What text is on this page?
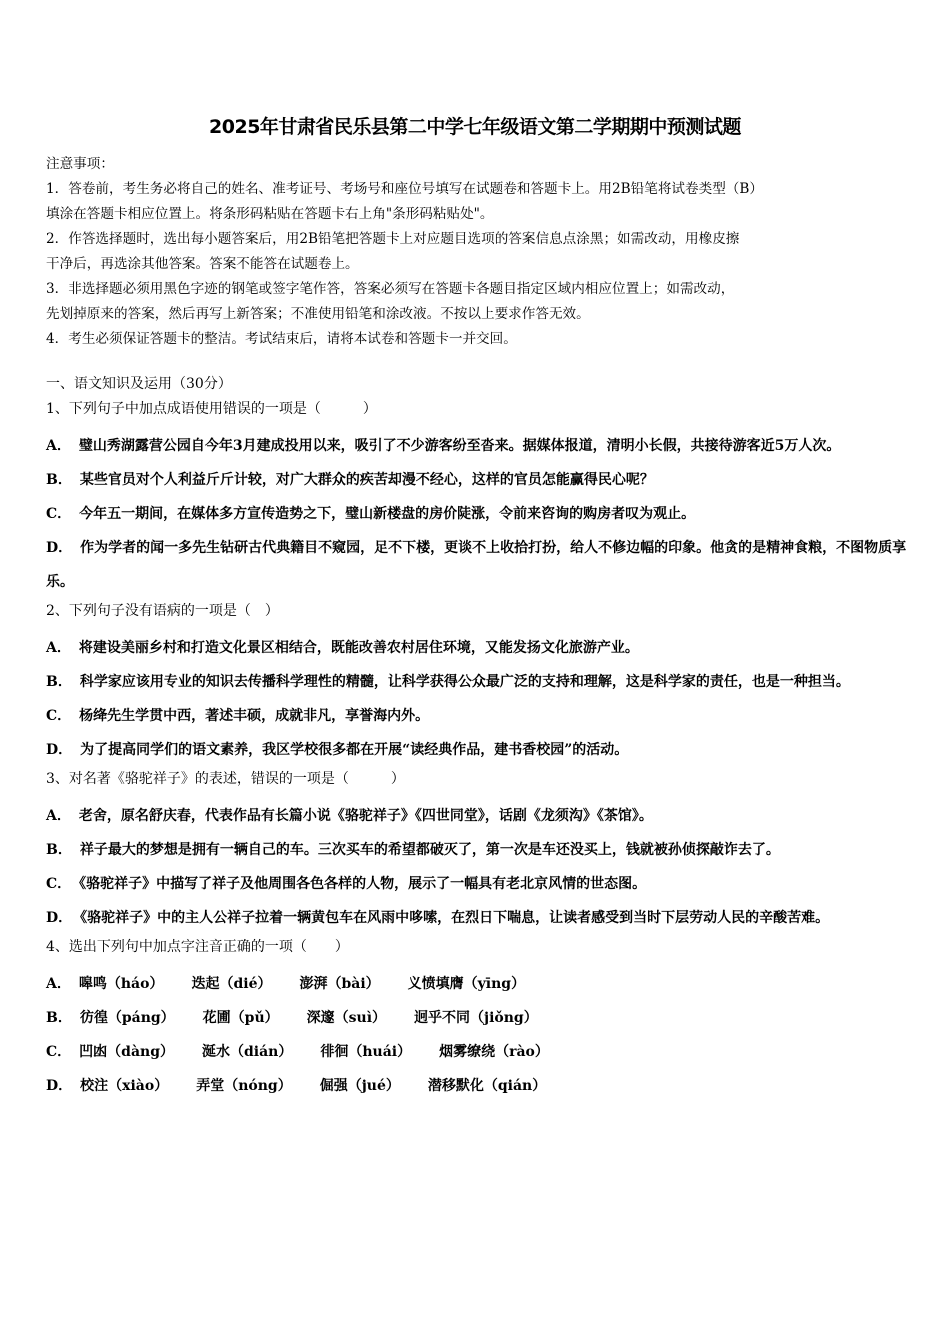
2025年甘肃省民乐县第二中学七年级语文第二学期期中预测试题
注意事项：
1．答卷前，考生务必将自己的姓名、准考证号、考场号和座位号填写在试题卷和答题卡上。用2B铅笔将试卷类型（B）
填涂在答题卡相应位置上。将条形码粘贴在答题卡右上角"条形码粘贴处"。
2．作答选择题时，选出每小题答案后，用2B铅笔把答题卡上对应题目选项的答案信息点涂黑；如需改动，用橡皮擦
干净后，再选涂其他答案。答案不能答在试题卷上。
3．非选择题必须用黑色字迹的钢笔或签字笔作答，答案必须写在答题卡各题目指定区域内相应位置上；如需改动，
先划掉原来的答案，然后再写上新答案；不准使用铅笔和涂改液。不按以上要求作答无效。
4．考生必须保证答题卡的整洁。考试结束后，请将本试卷和答题卡一并交回。
一、语文知识及运用（30分）
1、下列句子中加点成语使用错误的一项是（　　　）
A． 璧山秀湖露营公园自今年3月建成投用以来，吸引了不少游客纷至沓来。据媒体报道，清明小长假，共接待游客近5万人次。
B． 某些官员对个人利益斤斤计较，对广大群众的疾苦却漫不经心，这样的官员怎能赢得民心呢？
C． 今年五一期间，在媒体多方宣传造势之下，璧山新楼盘的房价陡涨，令前来咨询的购房者叹为观止。
D． 作为学者的闻一多先生钻研古代典籍目不窥园，足不下楼，更谈不上收拾打扮，给人不修边幅的印象。他贪的是精神食粮，不图物质享乐。
2、下列句子没有语病的一项是（　）
A． 将建设美丽乡村和打造文化景区相结合，既能改善农村居住环境，又能发扬文化旅游产业。
B． 科学家应该用专业的知识去传播科学理性的精髓，让科学获得公众最广泛的支持和理解，这是科学家的责任，也是一种担当。
C． 杨绛先生学贯中西，著述丰硕，成就非凡，享誉海内外。
D． 为了提高同学们的语文素养，我区学校很多都在开展“读经典作品，建书香校园”的活动。
3、对名著《骆驼祥子》的表述，错误的一项是（　　　）
A． 老舍，原名舒庆春，代表作品有长篇小说《骆驼祥子》《四世同堂》，话剧《龙须沟》《茶馆》。
B． 祥子最大的梦想是拥有一辆自己的车。三次买车的希望都破灭了，第一次是车还没买上，钱就被孙侦探敲诈去了。
C． 《骆驼祥子》中描写了祥子及他周围各色各样的人物，展示了一幅具有老北京风情的世态图。
D． 《骆驼祥子》中的主人公祥子拉着一辆黄包车在风雨中哆嗦，在烈日下喘息，让读者感受到当时下层劳动人民的辛酸苦难。
4、选出下列句中加点字注音正确的一项（　　）
A． 嗥鸣（háo） 迭起（dié） 澎湃（bài） 义愤填膺（yīng）
B． 彷徨（páng） 花圃（pǔ） 深邃（suì） 迥乎不同（jiǒng）
C． 凹凼（dàng） 涎水（dián） 徘徊（huái） 烟雾缭绕（rào）
D． 校注（xiào） 弄堂（nóng） 倔强（jué） 潜移默化（qián）
